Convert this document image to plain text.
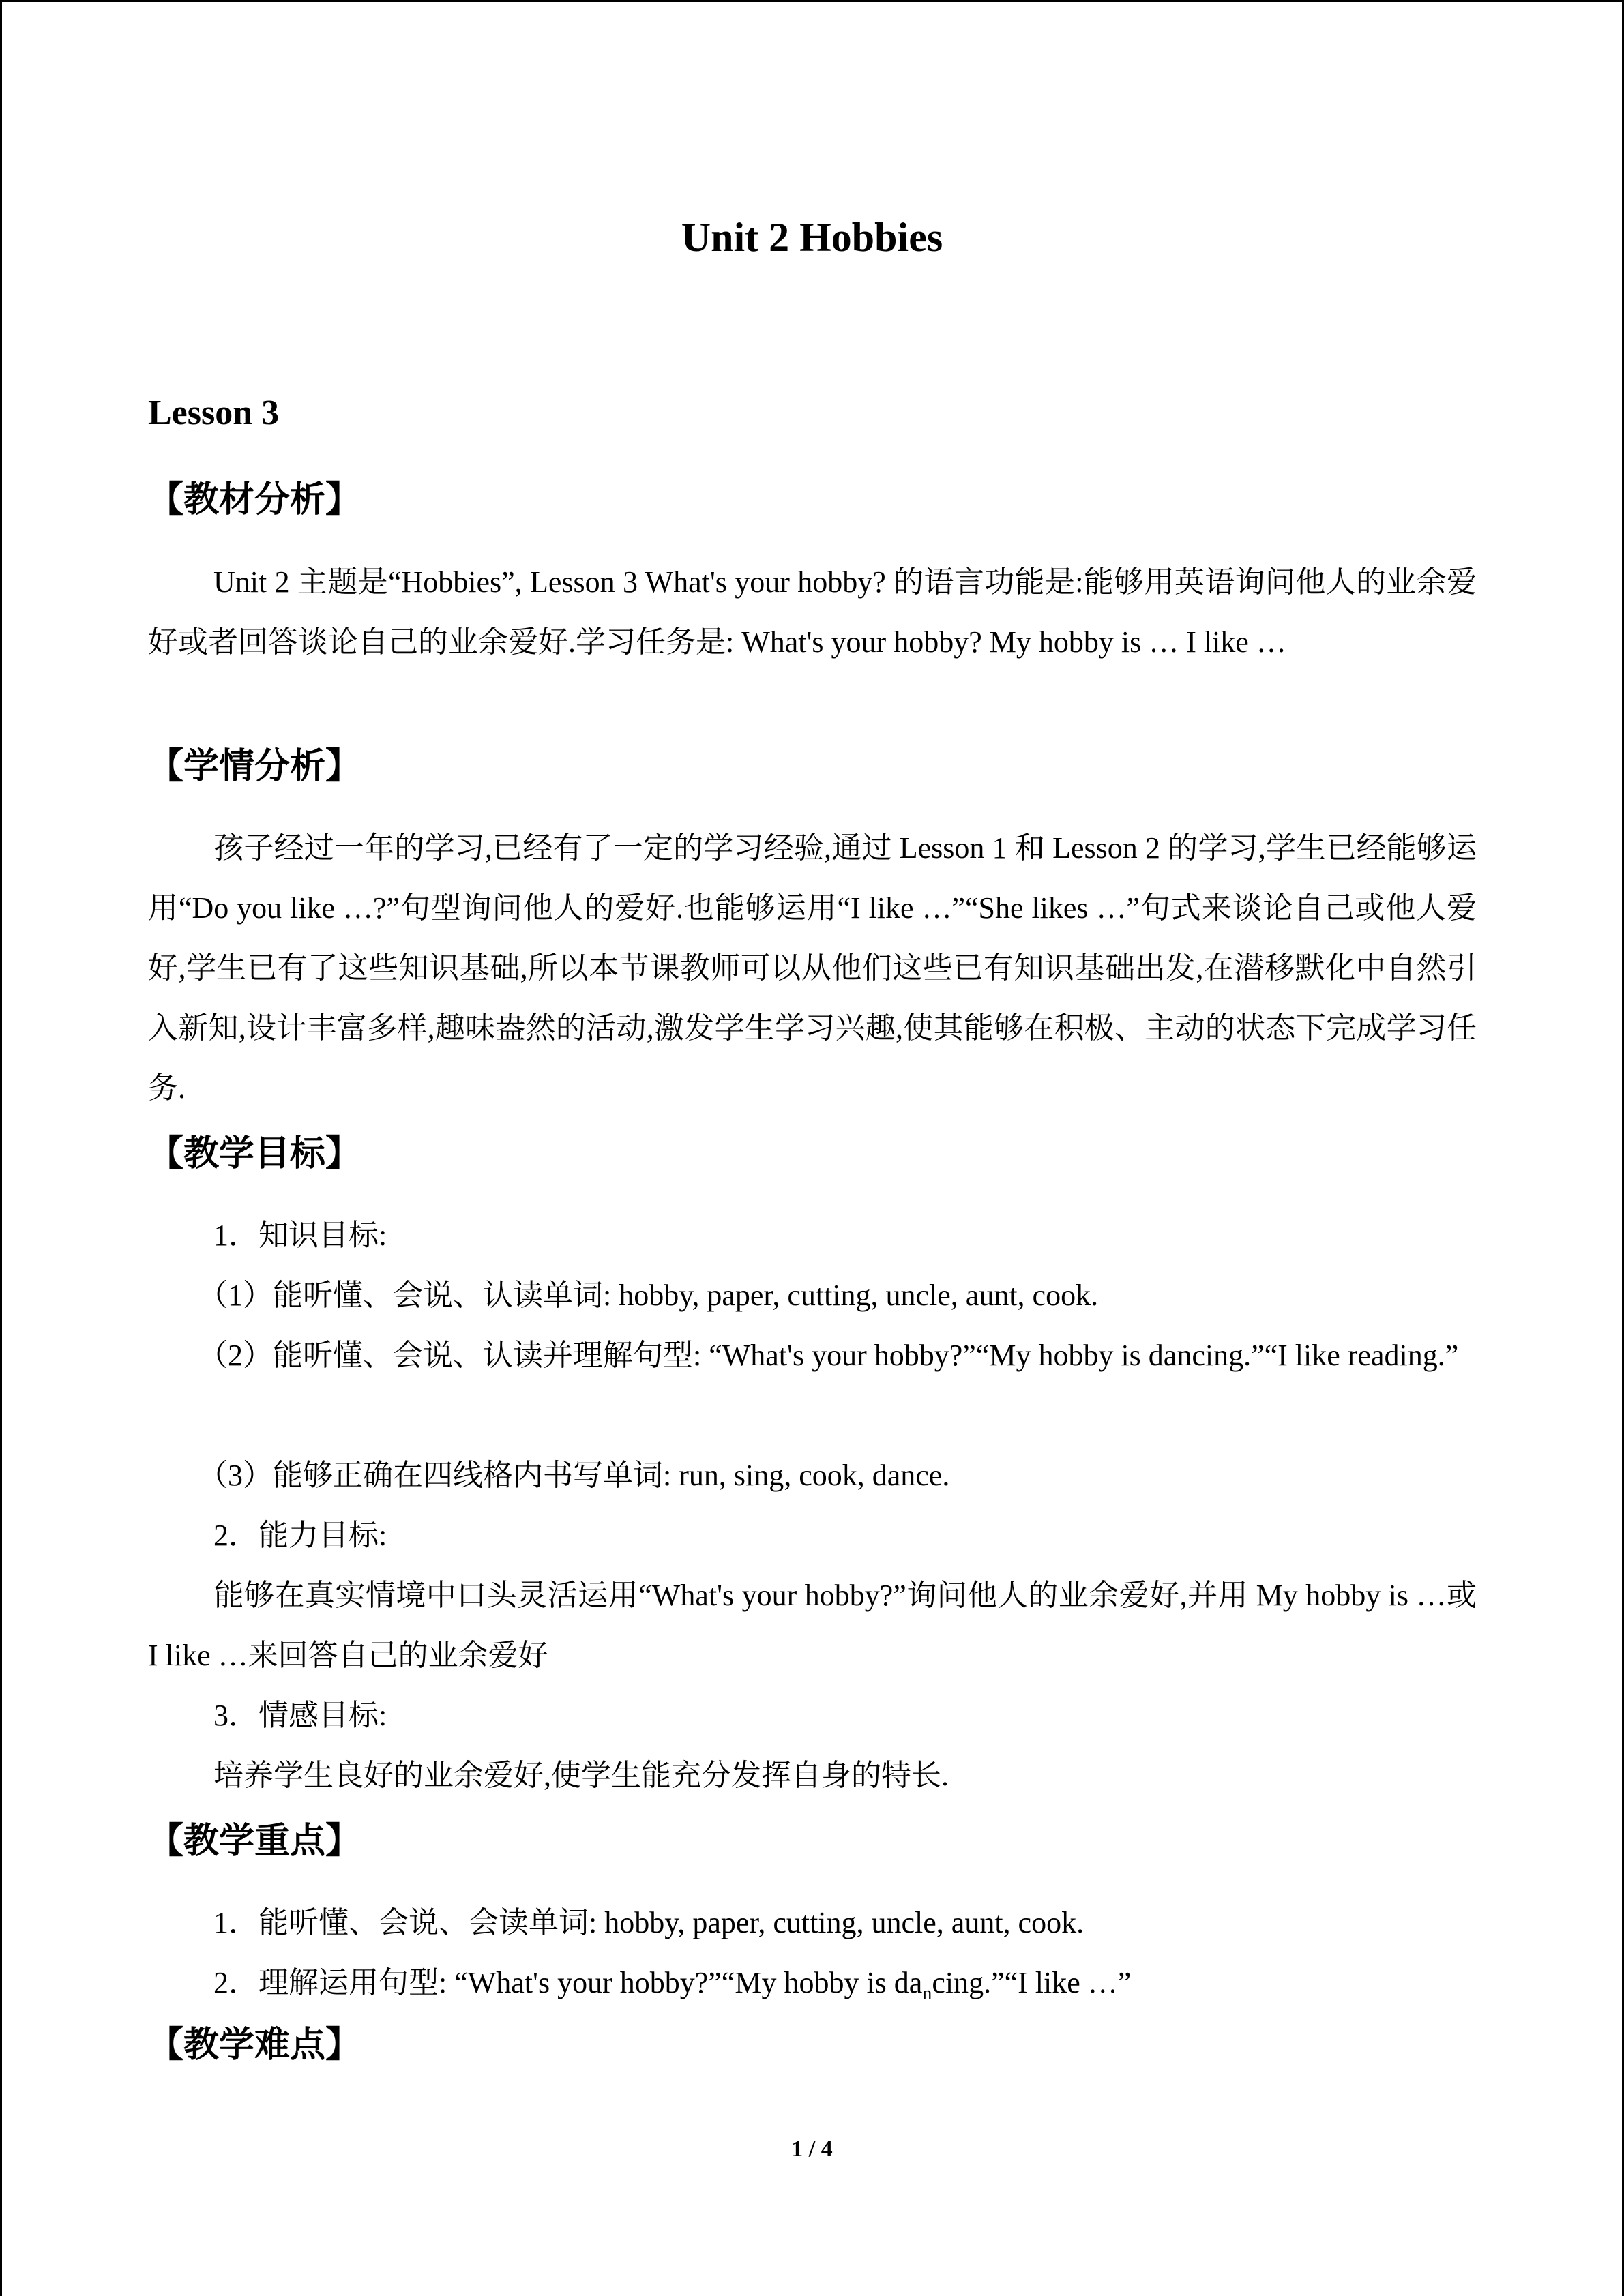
Unit 2 Hobbies
Lesson 3
【教材分析】
Unit 2 主题是“Hobbies”, Lesson 3 What's your hobby? 的语言功能是:能够用英语询问他人的业余爱好或者回答谈论自己的业余爱好.学习任务是: What's your hobby? My hobby is … I like …
【学情分析】
孩子经过一年的学习,已经有了一定的学习经验,通过 Lesson 1 和 Lesson 2 的学习,学生已经能够运用“Do you like …?”句型询问他人的爱好.也能够运用“I like …”“She likes …”句式来谈论自己或他人爱好,学生已有了这些知识基础,所以本节课教师可以从他们这些已有知识基础出发,在潜移默化中自然引入新知,设计丰富多样,趣味盎然的活动,激发学生学习兴趣,使其能够在积极、主动的状态下完成学习任务.
【教学目标】
1．知识目标:
（1）能听懂、会说、认读单词: hobby, paper, cutting, uncle, aunt, cook.
（2）能听懂、会说、认读并理解句型: “What's your hobby?”“My hobby is dancing.”“I like reading.”
（3）能够正确在四线格内书写单词: run, sing, cook, dance.
2．能力目标:
能够在真实情境中口头灵活运用“What's your hobby?”询问他人的业余爱好,并用 My hobby is …或 I like …来回答自己的业余爱好
3．情感目标:
培养学生良好的业余爱好,使学生能充分发挥自身的特长.
【教学重点】
1．能听懂、会说、会读单词: hobby, paper, cutting, uncle, aunt, cook.
2．理解运用句型: “What's your hobby?”“My hobby is $da_ncing.”“I$ like …”
【教学难点】
1 / 4
